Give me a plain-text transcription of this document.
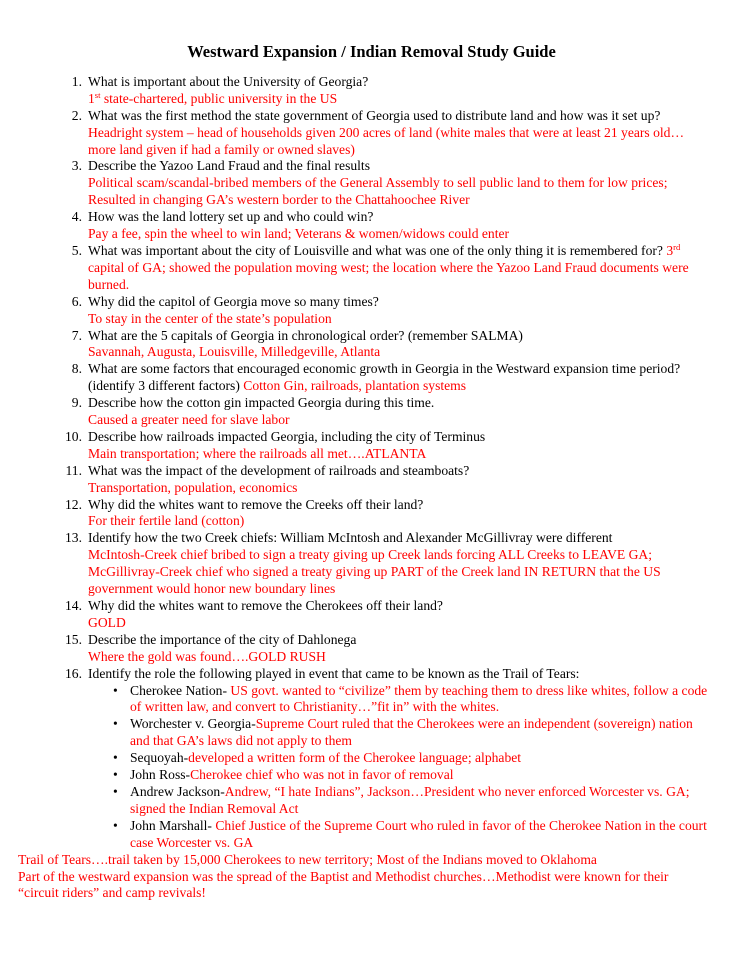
Westward Expansion / Indian Removal Study Guide
1. What is important about the University of Georgia?
1st state-chartered, public university in the US
2. What was the first method the state government of Georgia used to distribute land and how was it set up? Headright system – head of households given 200 acres of land (white males that were at least 21 years old…more land given if had a family or owned slaves)
3. Describe the Yazoo Land Fraud and the final results
Political scam/scandal-bribed members of the General Assembly to sell public land to them for low prices; Resulted in changing GA’s western border to the Chattahoochee River
4. How was the land lottery set up and who could win?
Pay a fee, spin the wheel to win land; Veterans & women/widows could enter
5. What was important about the city of Louisville and what was one of the only thing it is remembered for? 3rd capital of GA; showed the population moving west; the location where the Yazoo Land Fraud documents were burned.
6. Why did the capitol of Georgia move so many times?
To stay in the center of the state’s population
7. What are the 5 capitals of Georgia in chronological order? (remember SALMA)
Savannah, Augusta, Louisville, Milledgeville, Atlanta
8. What are some factors that encouraged economic growth in Georgia in the Westward expansion time period? (identify 3 different factors) Cotton Gin, railroads, plantation systems
9. Describe how the cotton gin impacted Georgia during this time.
Caused a greater need for slave labor
10. Describe how railroads impacted Georgia, including the city of Terminus
Main transportation; where the railroads all met….ATLANTA
11. What was the impact of the development of railroads and steamboats?
Transportation, population, economics
12. Why did the whites want to remove the Creeks off their land?
For their fertile land (cotton)
13. Identify how the two Creek chiefs: William McIntosh and Alexander McGillivray were different
McIntosh-Creek chief bribed to sign a treaty giving up Creek lands forcing ALL Creeks to LEAVE GA; McGillivray-Creek chief who signed a treaty giving up PART of the Creek land IN RETURN that the US government would honor new boundary lines
14. Why did the whites want to remove the Cherokees off their land?
GOLD
15. Describe the importance of the city of Dahlonega
Where the gold was found….GOLD RUSH
16. Identify the role the following played in event that came to be known as the Trail of Tears:
• Cherokee Nation- US govt. wanted to “civilize” them by teaching them to dress like whites, follow a code of written law, and convert to Christianity…”fit in” with the whites.
• Worchester v. Georgia-Supreme Court ruled that the Cherokees were an independent (sovereign) nation and that GA’s laws did not apply to them
• Sequoyah-developed a written form of the Cherokee language; alphabet
• John Ross-Cherokee chief who was not in favor of removal
• Andrew Jackson-Andrew, “I hate Indians”, Jackson…President who never enforced Worcester vs. GA; signed the Indian Removal Act
• John Marshall- Chief Justice of the Supreme Court who ruled in favor of the Cherokee Nation in the court case Worcester vs. GA
Trail of Tears….trail taken by 15,000 Cherokees to new territory; Most of the Indians moved to Oklahoma
Part of the westward expansion was the spread of the Baptist and Methodist churches…Methodist were known for their “circuit riders” and camp revivals!
